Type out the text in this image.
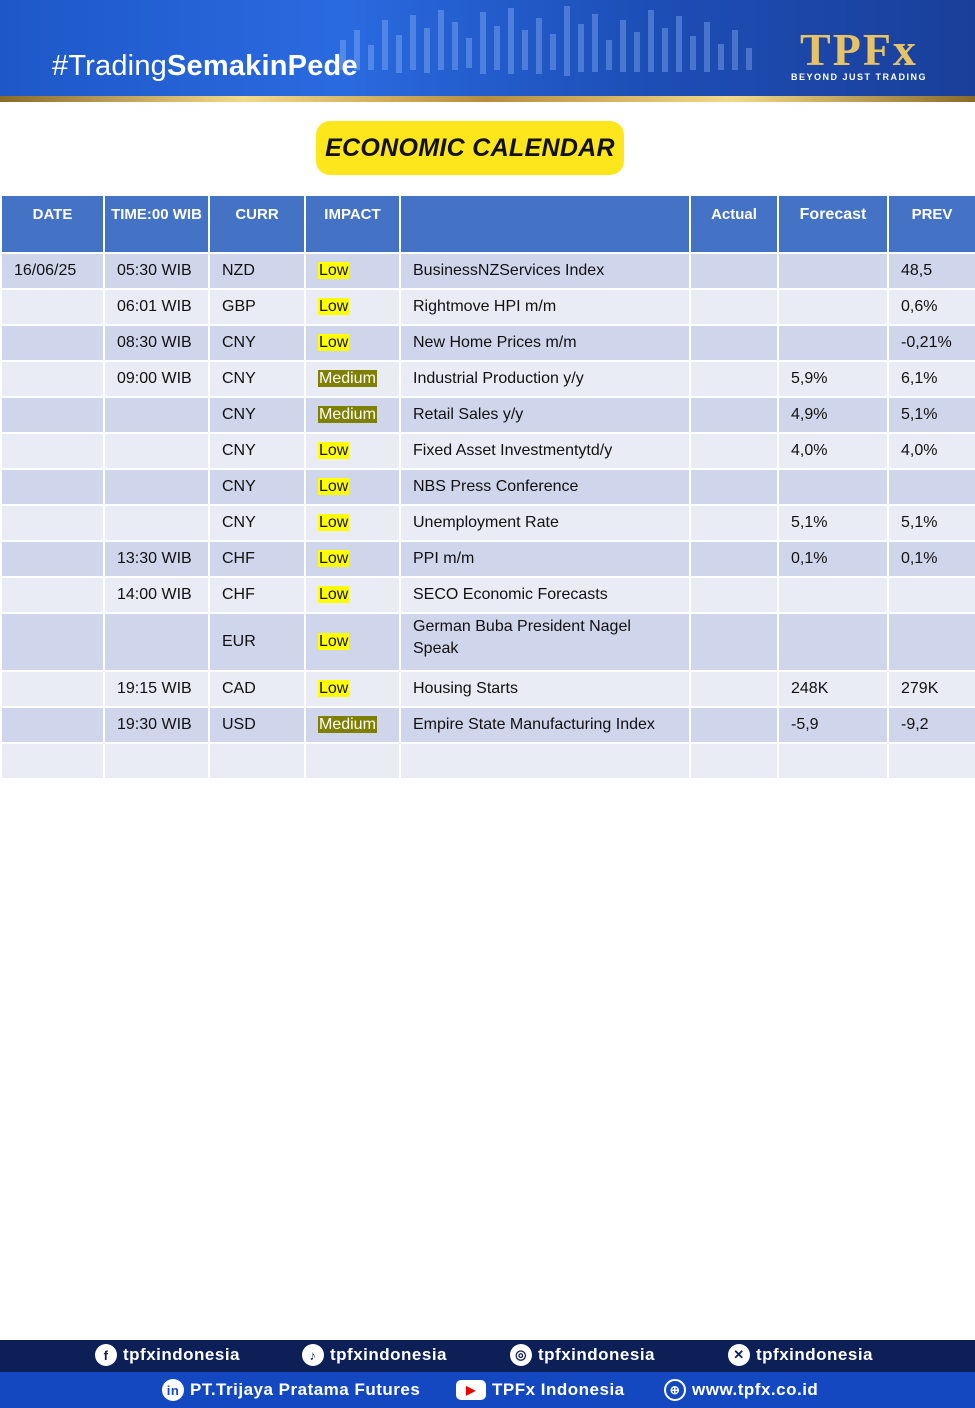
#TradingSemakinPede	TPFx
BEYOND JUST TRADING
ECONOMIC CALENDAR
DATE	TIME:00 WIB	CURR	IMPACT		Actual	Forecast	PREV
16/06/25	05:30 WIB	NZD	Low	BusinessNZServices Index			48,5
	06:01 WIB	GBP	Low	Rightmove HPI m/m			0,6%
	08:30 WIB	CNY	Low	New Home Prices m/m			-0,21%
	09:00 WIB	CNY	Medium	Industrial Production y/y		5,9%	6,1%
		CNY	Medium	Retail Sales y/y		4,9%	5,1%
		CNY	Low	Fixed Asset Investmentytd/y		4,0%	4,0%
		CNY	Low	NBS Press Conference			
		CNY	Low	Unemployment Rate		5,1%	5,1%
	13:30 WIB	CHF	Low	PPI m/m		0,1%	0,1%
	14:00 WIB	CHF	Low	SECO Economic Forecasts			
		EUR	Low	German Buba President Nagel Speak			
	19:15 WIB	CAD	Low	Housing Starts		248K	279K
	19:30 WIB	USD	Medium	Empire State Manufacturing Index		-5,9	-9,2

f tpfxindonesia	♪ tpfxindonesia	◎ tpfxindonesia	✕ tpfxindonesia
in PT.Trijaya Pratama Futures	▶ TPFx Indonesia	⊕ www.tpfx.co.id
